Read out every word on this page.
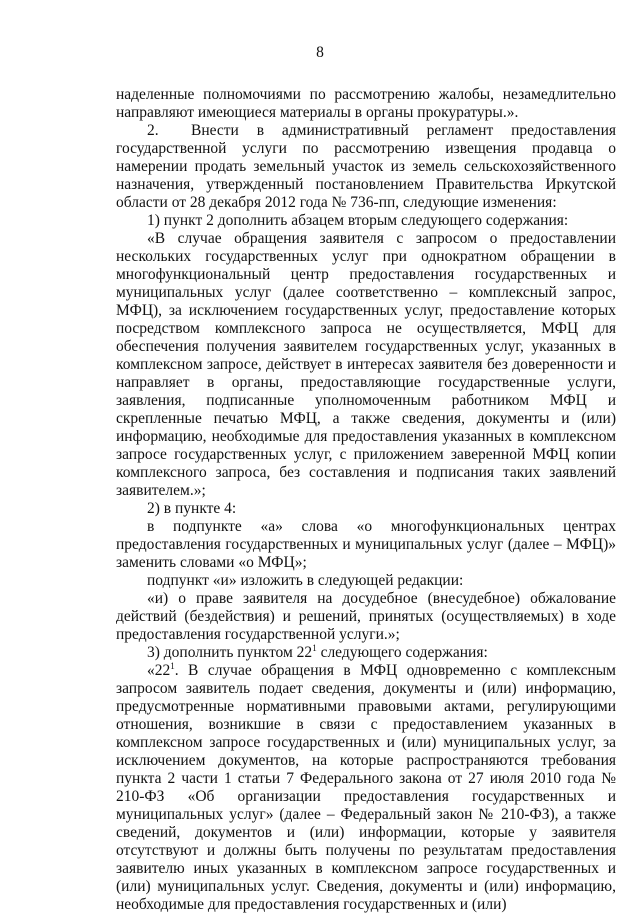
8

наделенные полномочиями по рассмотрению жалобы, незамедлительно направляют имеющиеся материалы в органы прокуратуры.».

2. Внести в административный регламент предоставления государственной услуги по рассмотрению извещения продавца о намерении продать земельный участок из земель сельскохозяйственного назначения, утвержденный постановлением Правительства Иркутской области от 28 декабря 2012 года № 736-пп, следующие изменения:

1) пункт 2 дополнить абзацем вторым следующего содержания:

«В случае обращения заявителя с запросом о предоставлении нескольких государственных услуг при однократном обращении в многофункциональный центр предоставления государственных и муниципальных услуг (далее соответственно – комплексный запрос, МФЦ), за исключением государственных услуг, предоставление которых посредством комплексного запроса не осуществляется, МФЦ для обеспечения получения заявителем государственных услуг, указанных в комплексном запросе, действует в интересах заявителя без доверенности и направляет в органы, предоставляющие государственные услуги, заявления, подписанные уполномоченным работником МФЦ и скрепленные печатью МФЦ, а также сведения, документы и (или) информацию, необходимые для предоставления указанных в комплексном запросе государственных услуг, с приложением заверенной МФЦ копии комплексного запроса, без составления и подписания таких заявлений заявителем.»;

2) в пункте 4:

в подпункте «а» слова «о многофункциональных центрах предоставления государственных и муниципальных услуг (далее – МФЦ)» заменить словами «о МФЦ»;

подпункт «и» изложить в следующей редакции:

«и) о праве заявителя на досудебное (внесудебное) обжалование действий (бездействия) и решений, принятых (осуществляемых) в ходе предоставления государственной услуги.»;

3) дополнить пунктом $22^1$ следующего содержания:

«$22^1$. В случае обращения в МФЦ одновременно с комплексным запросом заявитель подает сведения, документы и (или) информацию, предусмотренные нормативными правовыми актами, регулирующими отношения, возникшие в связи с предоставлением указанных в комплексном запросе государственных и (или) муниципальных услуг, за исключением документов, на которые распространяются требования пункта 2 части 1 статьи 7 Федерального закона от 27 июля 2010 года № 210-ФЗ «Об организации предоставления государственных и муниципальных услуг» (далее – Федеральный закон № 210-ФЗ), а также сведений, документов и (или) информации, которые у заявителя отсутствуют и должны быть получены по результатам предоставления заявителю иных указанных в комплексном запросе государственных и (или) муниципальных услуг. Сведения, документы и (или) информацию, необходимые для предоставления государственных и (или)
